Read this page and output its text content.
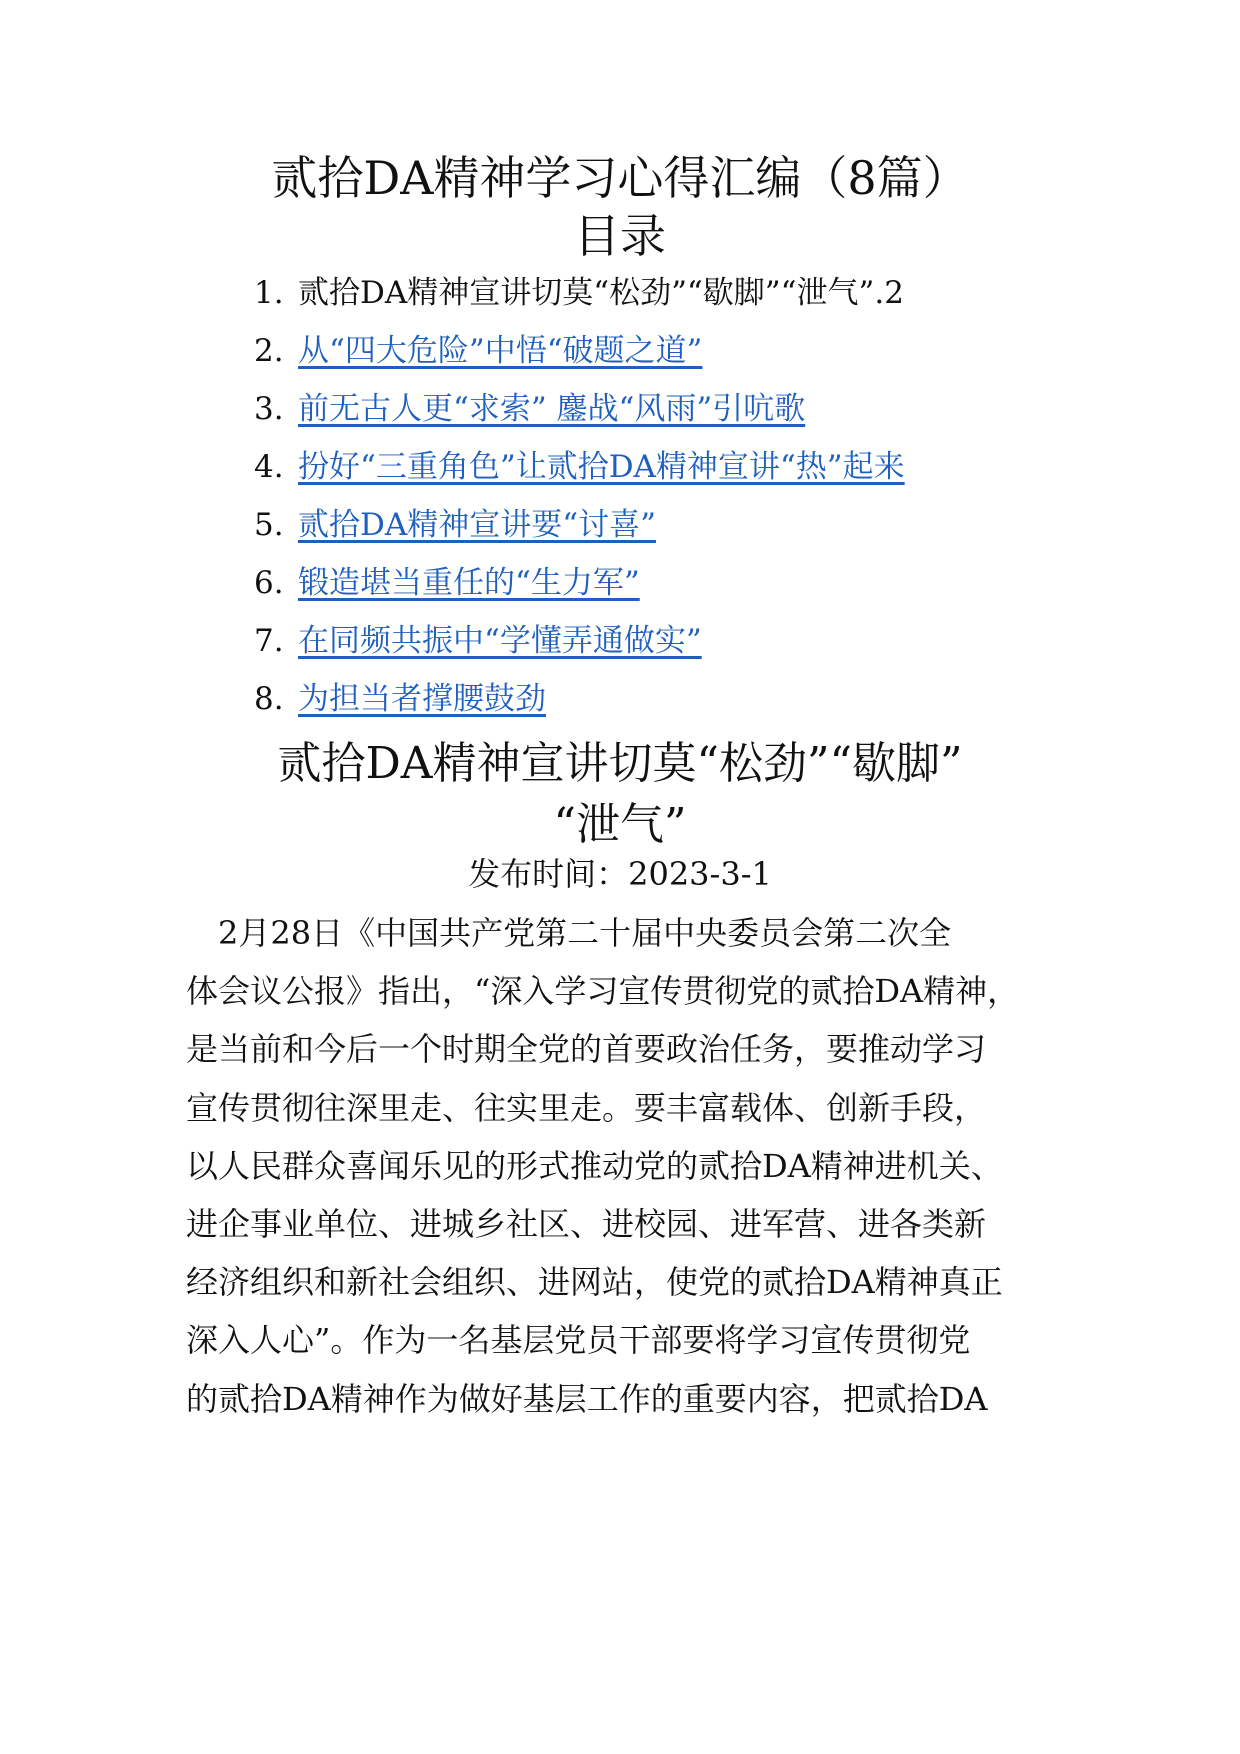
贰拾DA精神学习心得汇编（8篇）
目录
1. 贰拾DA精神宣讲切莫“松劲”“歇脚”“泄气”.2
2. 从“四大危险”中悟“破题之道”
3. 前无古人更“求索” 鏖战“风雨”引吭歌
4. 扮好“三重角色”让贰拾DA精神宣讲“热”起来
5. 贰拾DA精神宣讲要“讨喜”
6. 锻造堪当重任的“生力军”
7. 在同频共振中“学懂弄通做实”
8. 为担当者撑腰鼓劲
贰拾DA精神宣讲切莫“松劲”“歇脚”
“泄气”
发布时间：2023-3-1
　2月28日《中国共产党第二十届中央委员会第二次全
体会议公报》指出，“深入学习宣传贯彻党的贰拾DA精神，
是当前和今后一个时期全党的首要政治任务，要推动学习
宣传贯彻往深里走、往实里走。要丰富载体、创新手段，
以人民群众喜闻乐见的形式推动党的贰拾DA精神进机关、
进企事业单位、进城乡社区、进校园、进军营、进各类新
经济组织和新社会组织、进网站，使党的贰拾DA精神真正
深入人心”。作为一名基层党员干部要将学习宣传贯彻党
的贰拾DA精神作为做好基层工作的重要内容，把贰拾DA
